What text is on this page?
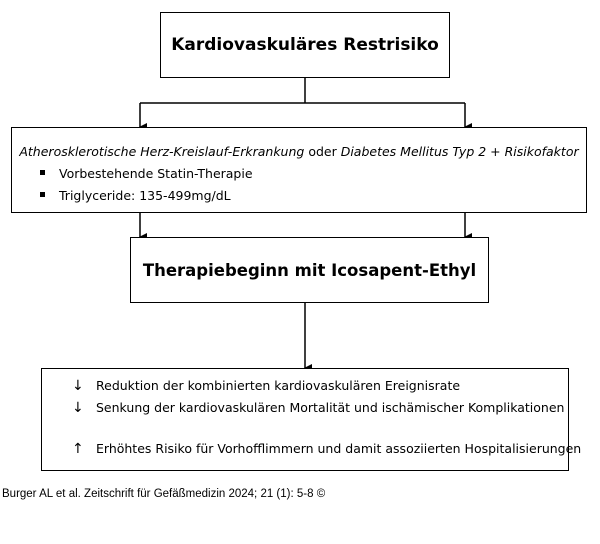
Kardiovaskuläres Restrisiko
Atherosklerotische Herz-Kreislauf-Erkrankung oder Diabetes Mellitus Typ 2 + Risikofaktor
Vorbestehende Statin-Therapie
Triglyceride: 135-499mg/dL
Therapiebeginn mit Icosapent-Ethyl
↓ Reduktion der kombinierten kardiovaskulären Ereignisrate
↓ Senkung der kardiovaskulären Mortalität und ischämischer Komplikationen
↑ Erhöhtes Risiko für Vorhofflimmern und damit assoziierten Hospitalisierungen
Burger AL et al. Zeitschrift für Gefäßmedizin 2024; 21 (1): 5-8 ©
